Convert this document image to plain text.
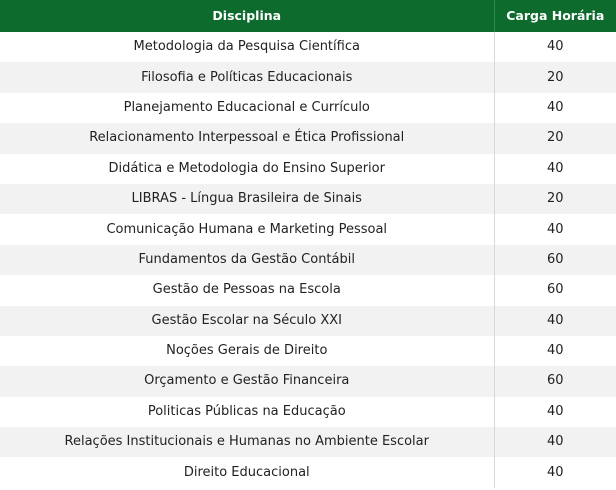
Disciplina	Carga Horária
Metodologia da Pesquisa Científica	40
Filosofia e Políticas Educacionais	20
Planejamento Educacional e Currículo	40
Relacionamento Interpessoal e Ética Profissional	20
Didática e Metodologia do Ensino Superior	40
LIBRAS - Língua Brasileira de Sinais	20
Comunicação Humana e Marketing Pessoal	40
Fundamentos da Gestão Contábil	60
Gestão de Pessoas na Escola	60
Gestão Escolar na Século XXI	40
Noções Gerais de Direito	40
Orçamento e Gestão Financeira	60
Politicas Públicas na Educação	40
Relações Institucionais e Humanas no Ambiente Escolar	40
Direito Educacional	40
